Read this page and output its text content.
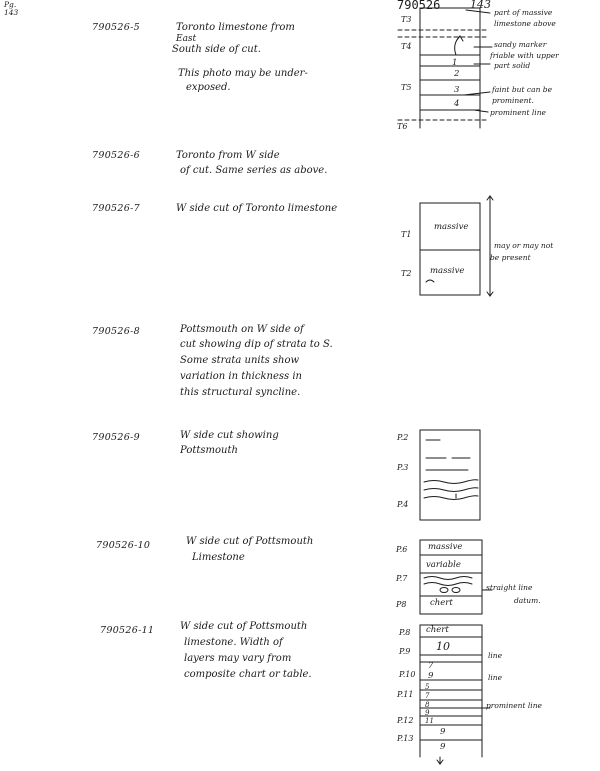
Pg.
143
790526	143
790526-5	Toronto limestone from
East
South side of cut.
This photo may be under-
exposed.
T3
T4
T5
T6
1
2
3
4
part of massive
limestone above
sandy marker
friable with upper
part solid
faint but can be
prominent.
prominent line
790526-6	Toronto from W side
of cut. Same series as above.
790526-7	W side cut of Toronto limestone
T1
T2
massive
massive
may or may not
be present
790526-8	Pottsmouth on W side of
cut showing dip of strata to S.
Some strata units show
variation in thickness in
this structural syncline.
790526-9	W side cut showing
Pottsmouth
P.2
P.3
P.4
790526-10	W side cut of Pottsmouth
Limestone
P.6
P.7
P8
massive
variable
chert
straight line
datum.
790526-11	W side cut of Pottsmouth
limestone. Width of
layers may vary from
composite chart or table.
P.8
P.9
P.10
P.11
P.12
P.13
chert
10
7
9
5
7
8
9
11
9
9
line
line
prominent line
